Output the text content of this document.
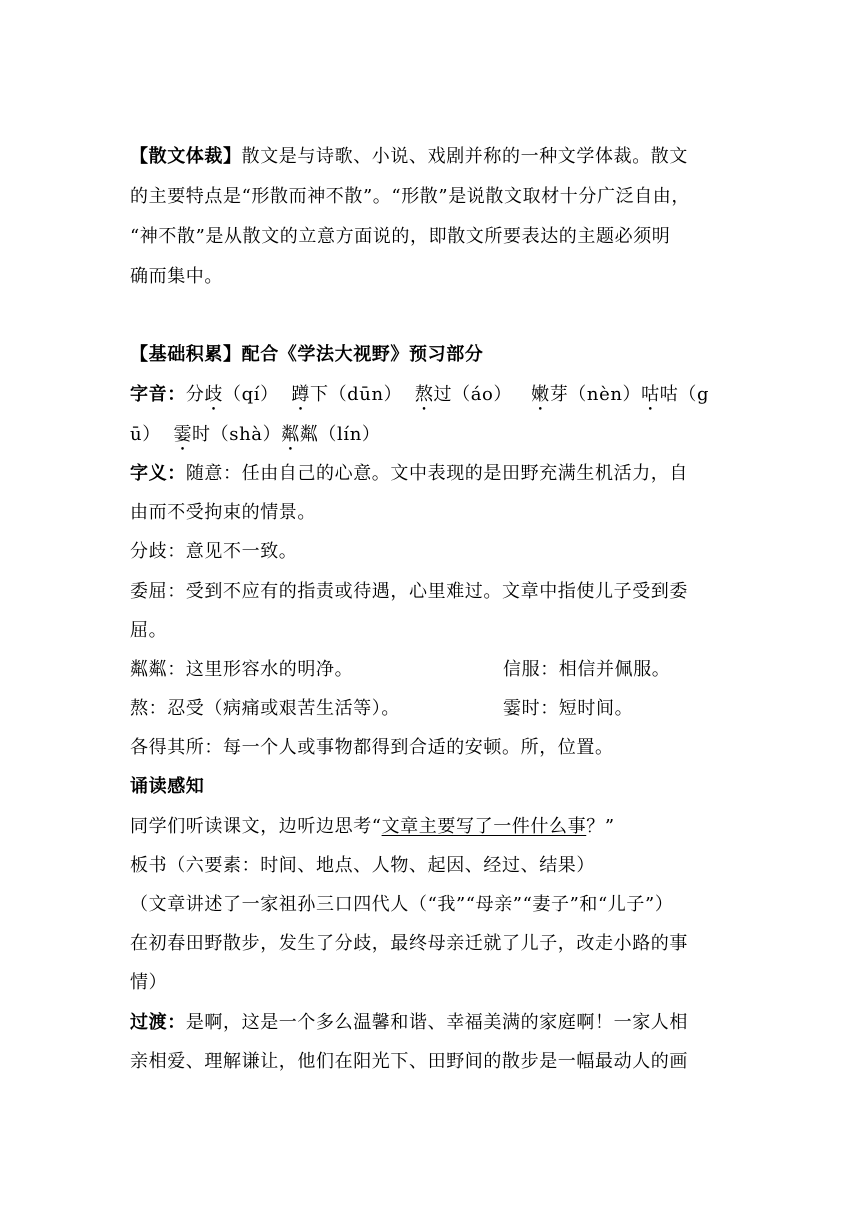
【散文体裁】散文是与诗歌、小说、戏剧并称的一种文学体裁。散文
的主要特点是“形散而神不散”。“形散”是说散文取材十分广泛自由，
“神不散”是从散文的立意方面说的，即散文所要表达的主题必须明
确而集中。
【基础积累】配合《学法大视野》预习部分
字音：分歧（qí）  蹲下（dūn）  熬过（áo）   嫩芽（nèn）咕咕（g
ū）  霎时（shà）粼粼（lín）
字义：随意：任由自己的心意。文中表现的是田野充满生机活力，自
由而不受拘束的情景。
分歧：意见不一致。
委屈：受到不应有的指责或待遇，心里难过。文章中指使儿子受到委
屈。
粼粼：这里形容水的明净。	信服：相信并佩服。
熬：忍受（病痛或艰苦生活等）。	霎时：短时间。
各得其所：每一个人或事物都得到合适的安顿。所，位置。
诵读感知
同学们听读课文，边听边思考“文章主要写了一件什么事？”
板书（六要素：时间、地点、人物、起因、经过、结果）
（文章讲述了一家祖孙三口四代人（“我”“母亲”“妻子”和“儿子”）
在初春田野散步，发生了分歧，最终母亲迁就了儿子，改走小路的事
情）
过渡：是啊，这是一个多么温馨和谐、幸福美满的家庭啊！一家人相
亲相爱、理解谦让，他们在阳光下、田野间的散步是一幅最动人的画
